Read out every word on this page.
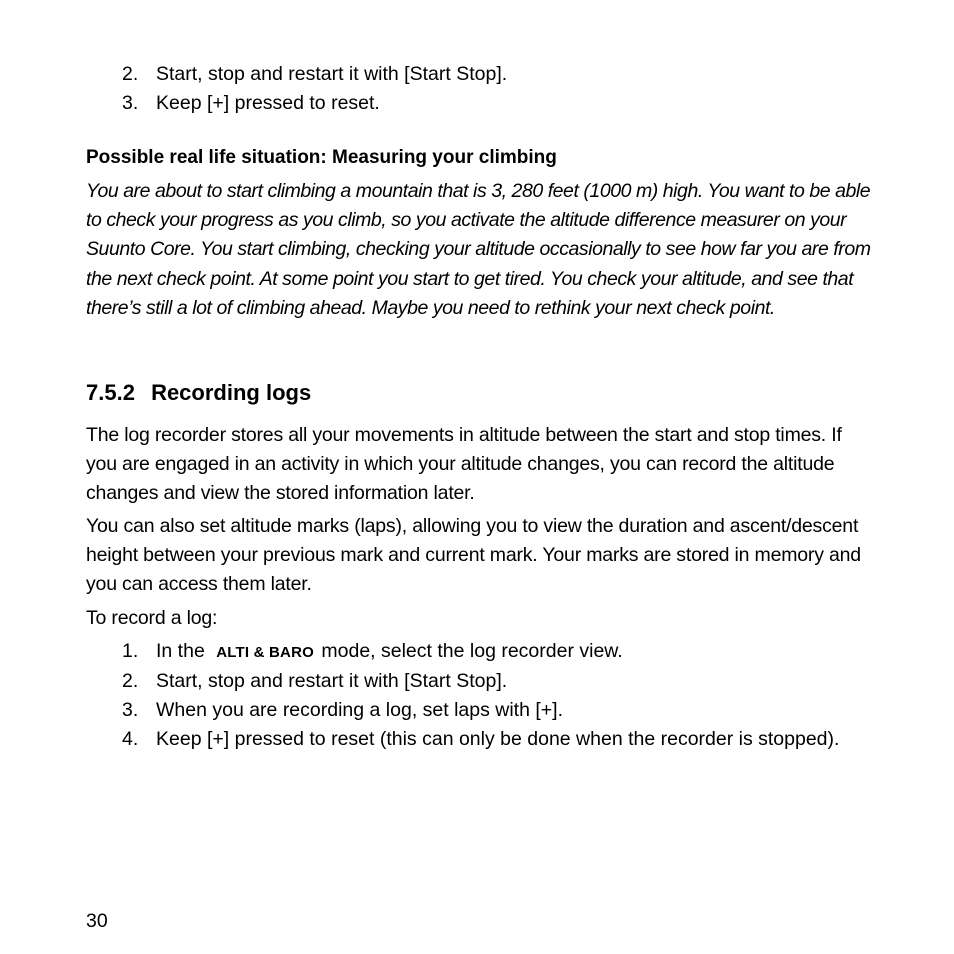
2. Start, stop and restart it with [Start Stop].
3. Keep [+] pressed to reset.
Possible real life situation: Measuring your climbing

You are about to start climbing a mountain that is 3, 280 feet (1000 m) high. You want to be able to check your progress as you climb, so you activate the altitude difference measurer on your Suunto Core. You start climbing, checking your altitude occasionally to see how far you are from the next check point. At some point you start to get tired. You check your altitude, and see that there’s still a lot of climbing ahead. Maybe you need to rethink your next check point.

7.5.2 Recording logs

The log recorder stores all your movements in altitude between the start and stop times. If you are engaged in an activity in which your altitude changes, you can record the altitude changes and view the stored information later.

You can also set altitude marks (laps), allowing you to view the duration and ascent/descent height between your previous mark and current mark. Your marks are stored in memory and you can access them later.

To record a log:

1. In the ALTI & BARO mode, select the log recorder view.
2. Start, stop and restart it with [Start Stop].
3. When you are recording a log, set laps with [+].
4. Keep [+] pressed to reset (this can only be done when the recorder is stopped).
30
